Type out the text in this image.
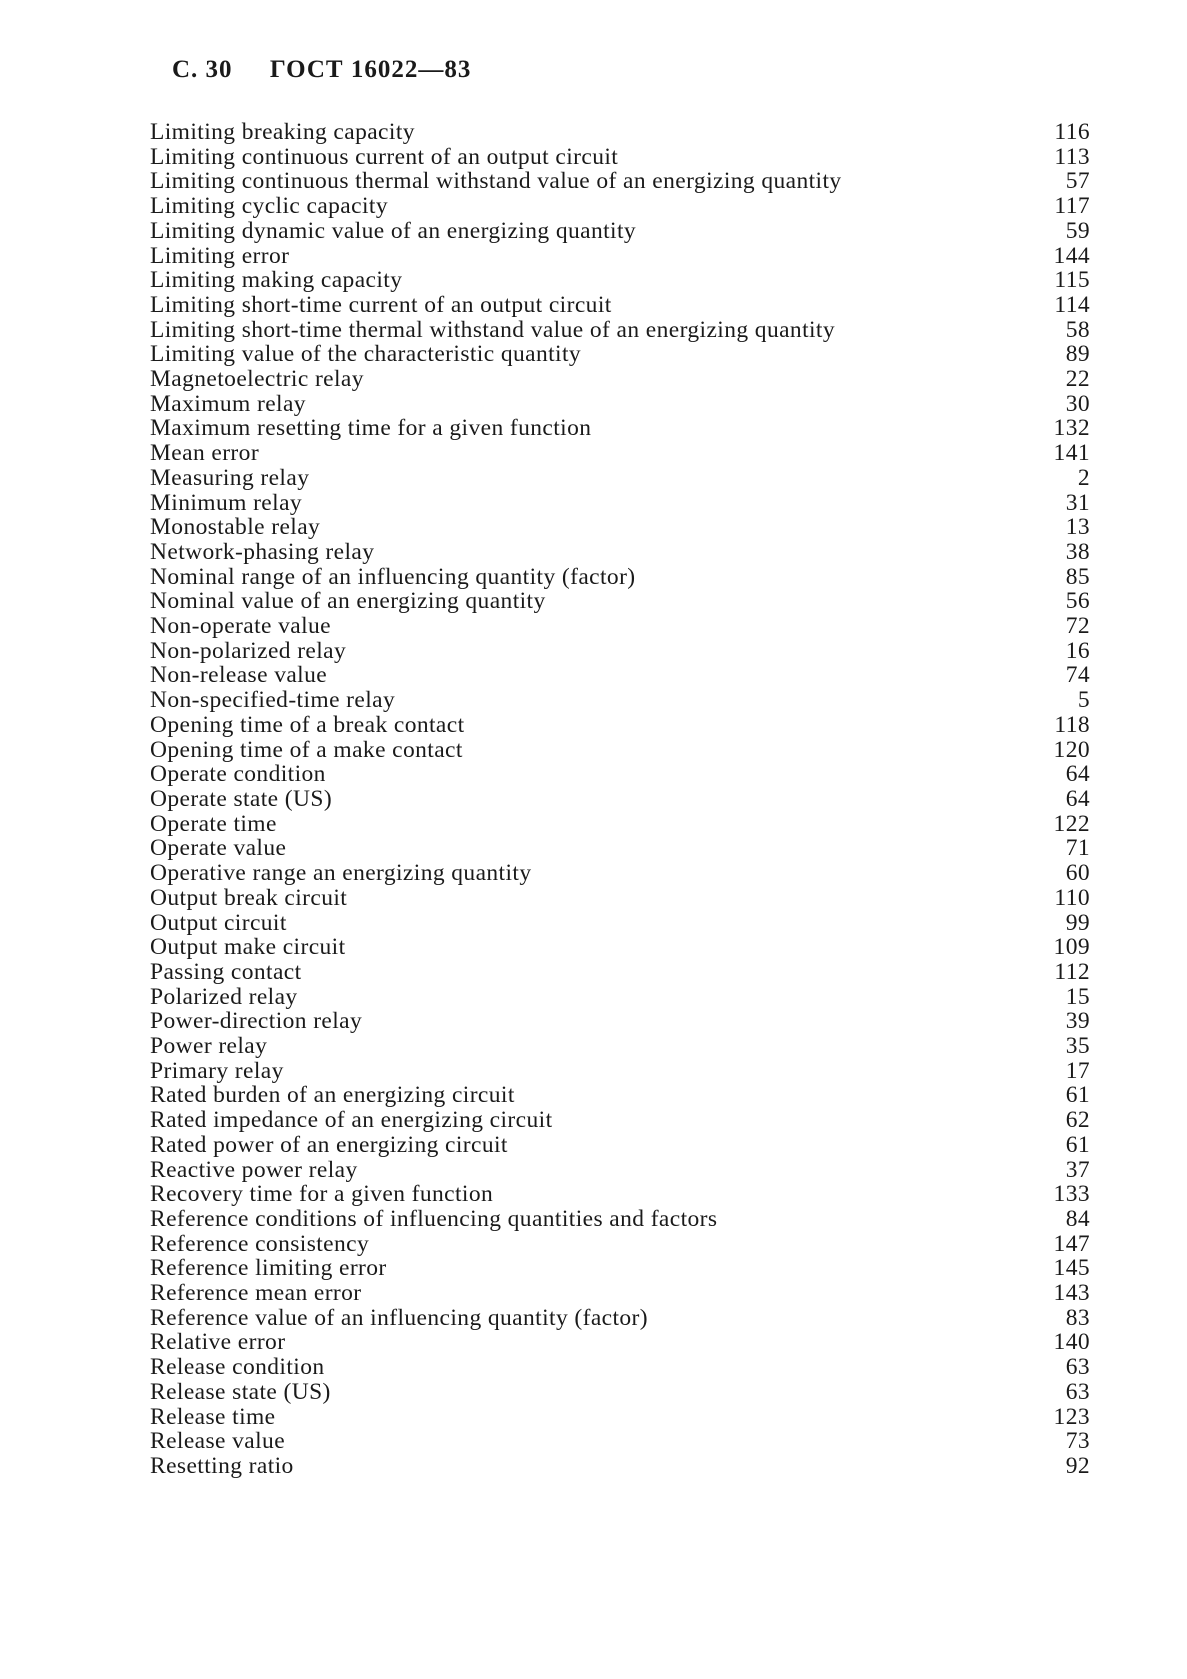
С. 30 ГОСТ 16022—83
Limiting breaking capacity	116
Limiting continuous current of an output circuit	113
Limiting continuous thermal withstand value of an energizing quantity	57
Limiting cyclic capacity	117
Limiting dynamic value of an energizing quantity	59
Limiting error	144
Limiting making capacity	115
Limiting short-time current of an output circuit	114
Limiting short-time thermal withstand value of an energizing quantity	58
Limiting value of the characteristic quantity	89
Magnetoelectric relay	22
Maximum relay	30
Maximum resetting time for a given function	132
Mean error	141
Measuring relay	2
Minimum relay	31
Monostable relay	13
Network-phasing relay	38
Nominal range of an influencing quantity (factor)	85
Nominal value of an energizing quantity	56
Non-operate value	72
Non-polarized relay	16
Non-release value	74
Non-specified-time relay	5
Opening time of a break contact	118
Opening time of a make contact	120
Operate condition	64
Operate state (US)	64
Operate time	122
Operate value	71
Operative range an energizing quantity	60
Output break circuit	110
Output circuit	99
Output make circuit	109
Passing contact	112
Polarized relay	15
Power-direction relay	39
Power relay	35
Primary relay	17
Rated burden of an energizing circuit	61
Rated impedance of an energizing circuit	62
Rated power of an energizing circuit	61
Reactive power relay	37
Recovery time for a given function	133
Reference conditions of influencing quantities and factors	84
Reference consistency	147
Reference limiting error	145
Reference mean error	143
Reference value of an influencing quantity (factor)	83
Relative error	140
Release condition	63
Release state (US)	63
Release time	123
Release value	73
Resetting ratio	92
